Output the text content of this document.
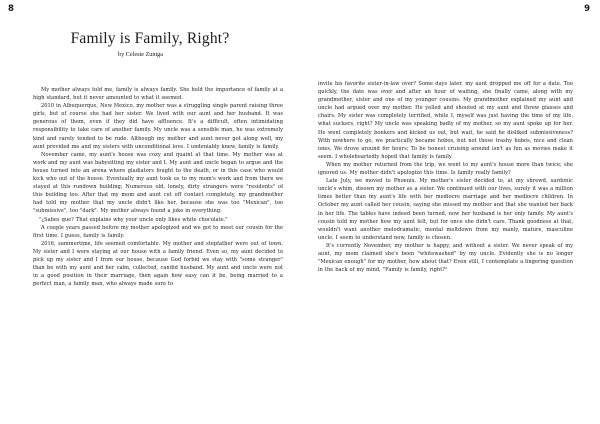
8	9
Family is Family, Right?
by Celeste Zuniga

My mother always told me, family is always family. She held the importance of family at a high standard, but it never amounted to what it seemed.

2010 in Albuquerque, New Mexico, my mother was a struggling single parent raising three girls, but of course she had her sister. We lived with our aunt and her husband. It was generous of them, even if they did have affluence. It's a difficult, often intimidating responsibility to take care of another family. My uncle was a sensible man, he was extremely kind and rarely tended to be rude. Although my mother and aunt never got along well, my aunt provided me and my sisters with unconditional love. I undeniably knew, family is family.

November came, my aunt's house was cozy and quaint at that time. My mother was at work and my aunt was babysitting my sister and I. My aunt and uncle began to argue and the house turned into an arena where gladiators fought to the death, or in this case who would kick who out of the house. Eventually my aunt took us to my mom's work and from there we stayed at this rundown building; Numerous old, lonely, dirty strangers were "residents" of this building too. After that my mom and aunt cut off contact completely, my grandmother had told my mother that my uncle didn't like her, because she was too "Mexican", too "submissive", too "dark". My mother always found a joke in everything:

"¿Sabes que? That explains why your uncle only likes white chocolate."

A couple years passed before my mother apologized and we got to meet our cousin for the first time. I guess, family is family.

2016, summertime, life seemed comfortable. My mother and stepfather were out of town. My sister and I were staying at our house with a family friend. Even so, my aunt decided to pick up my sister and I from our house, because God forbid we stay with "some stranger" than be with my aunt and her calm, collected, candid husband. My aunt and uncle were not in a good position in their marriage, then again how easy can it be, being married to a perfect man, a family man, who always made sure to

invite his favorite sister-in-law over? Some days later, my aunt dropped me off for a date. Too quickly, the date was over and after an hour of waiting, she finally came, along with my grandmother, sister and one of my younger cousins. My grandmother explained my aunt and uncle had argued over my mother. He yelled and shouted at my aunt and threw glasses and chairs. My sister was completely terrified, while I, myself was just having the time of my life, what suckers, right? My uncle was speaking badly of my mother, so my aunt spoke up for her. He went completely bonkers and kicked us out, but wait, he said he disliked submissiveness? With nowhere to go, we practically became hobos, but not those trashy hobos, nice and clean ones. We drove around for hours; To be honest cruising around isn't as fun as movies make it seem. I wholeheartedly hoped that family is family.

When my mother returned from the trip, we went to my aunt's house more than twice; she ignored us. My mother didn't apologize this time. Is family really family?

Late July, we moved to Phoenix. My mother's sister decided to, at my shrewd, sardonic uncle's whim, disown my mother as a sister. We continued with our lives, surely it was a million times better than my aunt's life with her mediocre marriage and her mediocre children. In October my aunt called her cousin, saying she missed my mother and that she wanted her back in her life. The tables have indeed been turned, now her husband is her only family. My aunt's cousin told my mother how my aunt felt, but for once she didn't care. Thank goodness at that, wouldn't want another melodramatic, mental meltdown from my manly, mature, masculine uncle. I seem to understand now, family is chosen.

It's currently November, my mother is happy, and without a sister. We never speak of my aunt, my mom claimed she's been "whitewashed" by my uncle. Evidently she is no longer "Mexican enough" for my mother, how about that? Even still, I contemplate a lingering question in the back of my mind, "Family is family, right?"
